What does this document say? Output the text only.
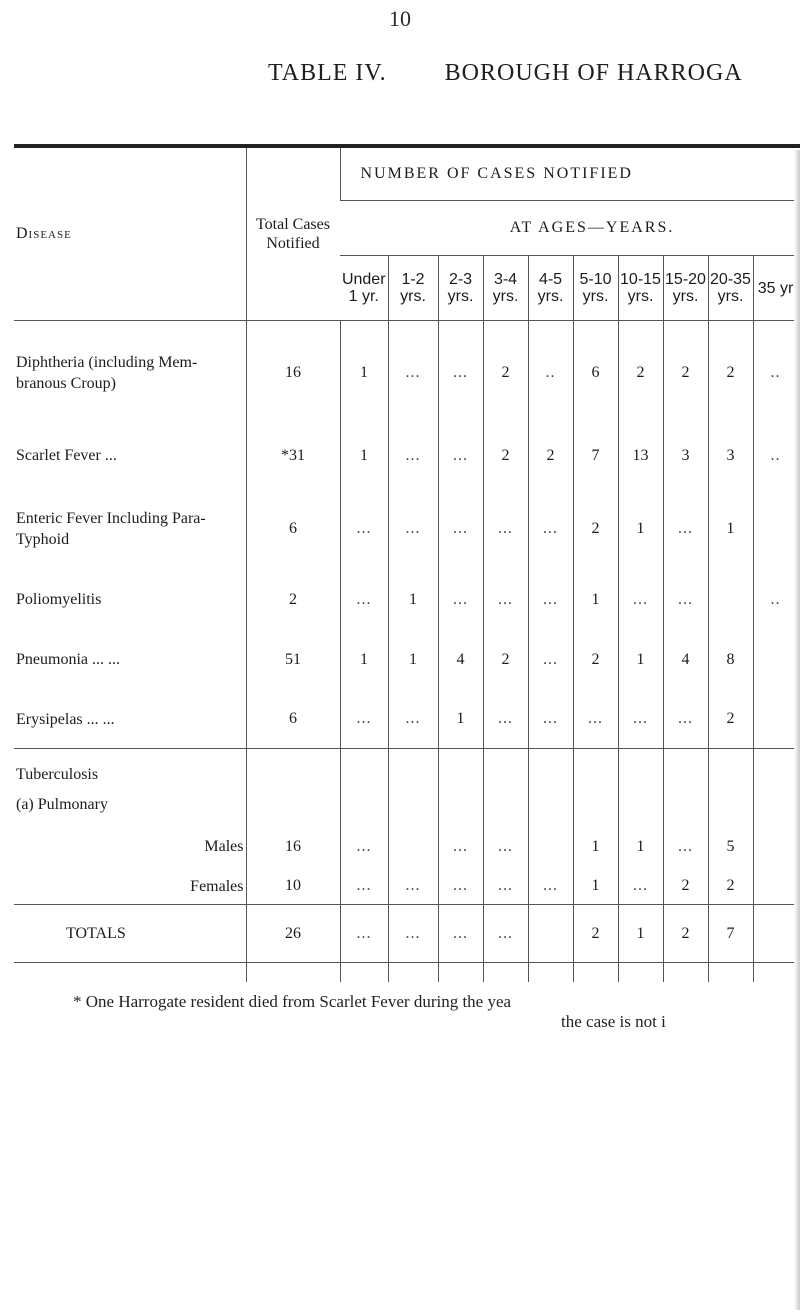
10
TABLE IV. BOROUGH OF HARROGA
Disease	Total Cases Notified	NUMBER OF CASES NOTIFIED										
		AT AGES—YEARS.										
		Under 1 yr.	1-2 yrs.	2-3 yrs.	3-4 yrs.	4-5 yrs.	5-10 yrs.	10-15 yrs.	15-20 yrs.	20-35 yrs.	35 yr	
Diphtheria (including Mem-branous Croup)	16	1	...	...	2	..	6	2	2	2	..	
Scarlet Fever ...	*31	1	...	...	2	2	7	13	3	3	..	
Enteric Fever Including Para-Typhoid	6	...	...	...	...	...	2	1	...	1		
Poliomyelitis	2	...	1	...	...	...	1	...	...		..	
Pneumonia ... ...	51	1	1	4	2	...	2	1	4	8		
Erysipelas ... ...	6	...	...	1	...	...	...	...	...	2		
Tuberculosis												
(a) Pulmonary												
Males	16	...		...	...		1	1	...	5		
Females	10	...	...	...	...	...	1	...	2	2		
TOTALS	26	...	...	...	...		2	1	2	7		

* One Harrogate resident died from Scarlet Fever during the yea
the case is not i
